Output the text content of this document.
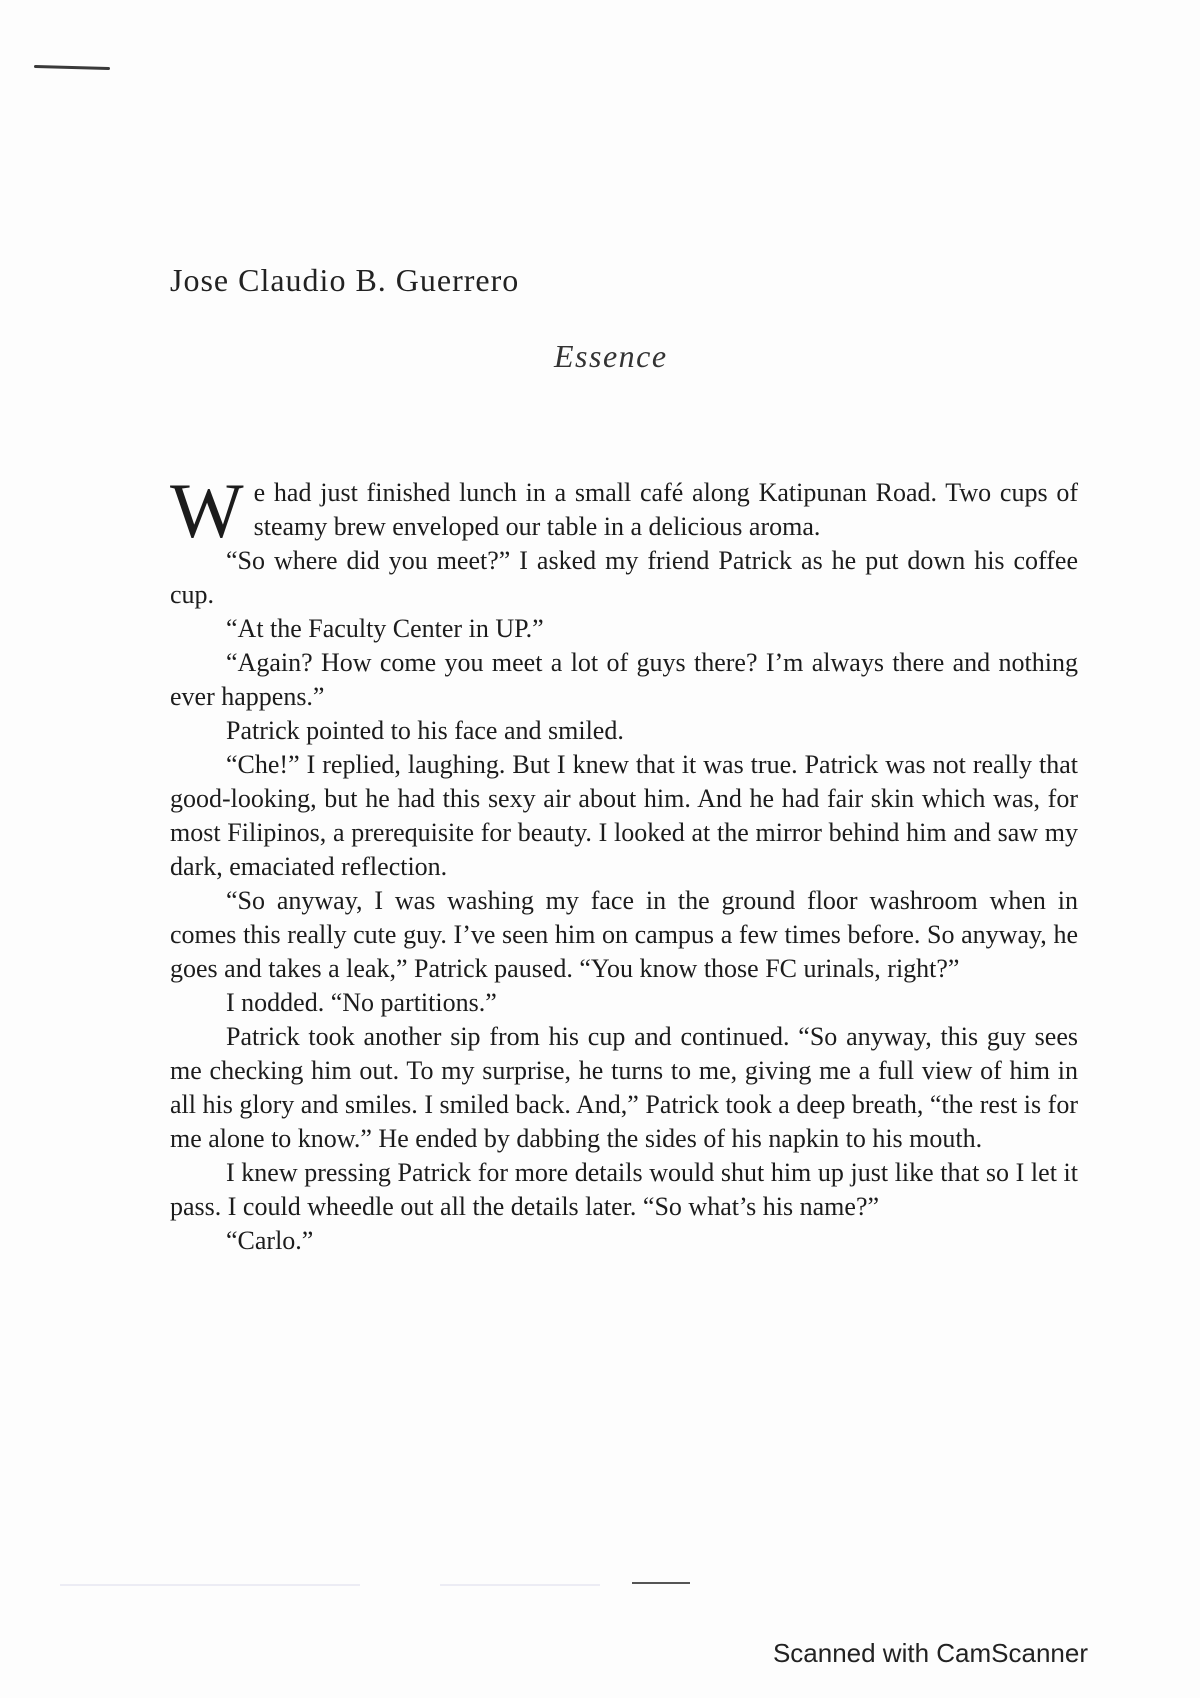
Jose Claudio B. Guerrero
Essence

We had just finished lunch in a small café along Katipunan Road. Two cups of steamy brew enveloped our table in a delicious aroma.

“So where did you meet?” I asked my friend Patrick as he put down his coffee cup.

“At the Faculty Center in UP.”

“Again? How come you meet a lot of guys there? I’m always there and nothing ever happens.”

Patrick pointed to his face and smiled.

“Che!” I replied, laughing. But I knew that it was true. Patrick was not really that good-looking, but he had this sexy air about him. And he had fair skin which was, for most Filipinos, a prerequisite for beauty. I looked at the mirror behind him and saw my dark, emaciated reflection.

“So anyway, I was washing my face in the ground floor washroom when in comes this really cute guy. I’ve seen him on campus a few times before. So anyway, he goes and takes a leak,” Patrick paused. “You know those FC urinals, right?”

I nodded. “No partitions.”

Patrick took another sip from his cup and continued. “So anyway, this guy sees me checking him out. To my surprise, he turns to me, giving me a full view of him in all his glory and smiles. I smiled back. And,” Patrick took a deep breath, “the rest is for me alone to know.” He ended by dabbing the sides of his napkin to his mouth.

I knew pressing Patrick for more details would shut him up just like that so I let it pass. I could wheedle out all the details later. “So what’s his name?”

“Carlo.”

Scanned with CamScanner
